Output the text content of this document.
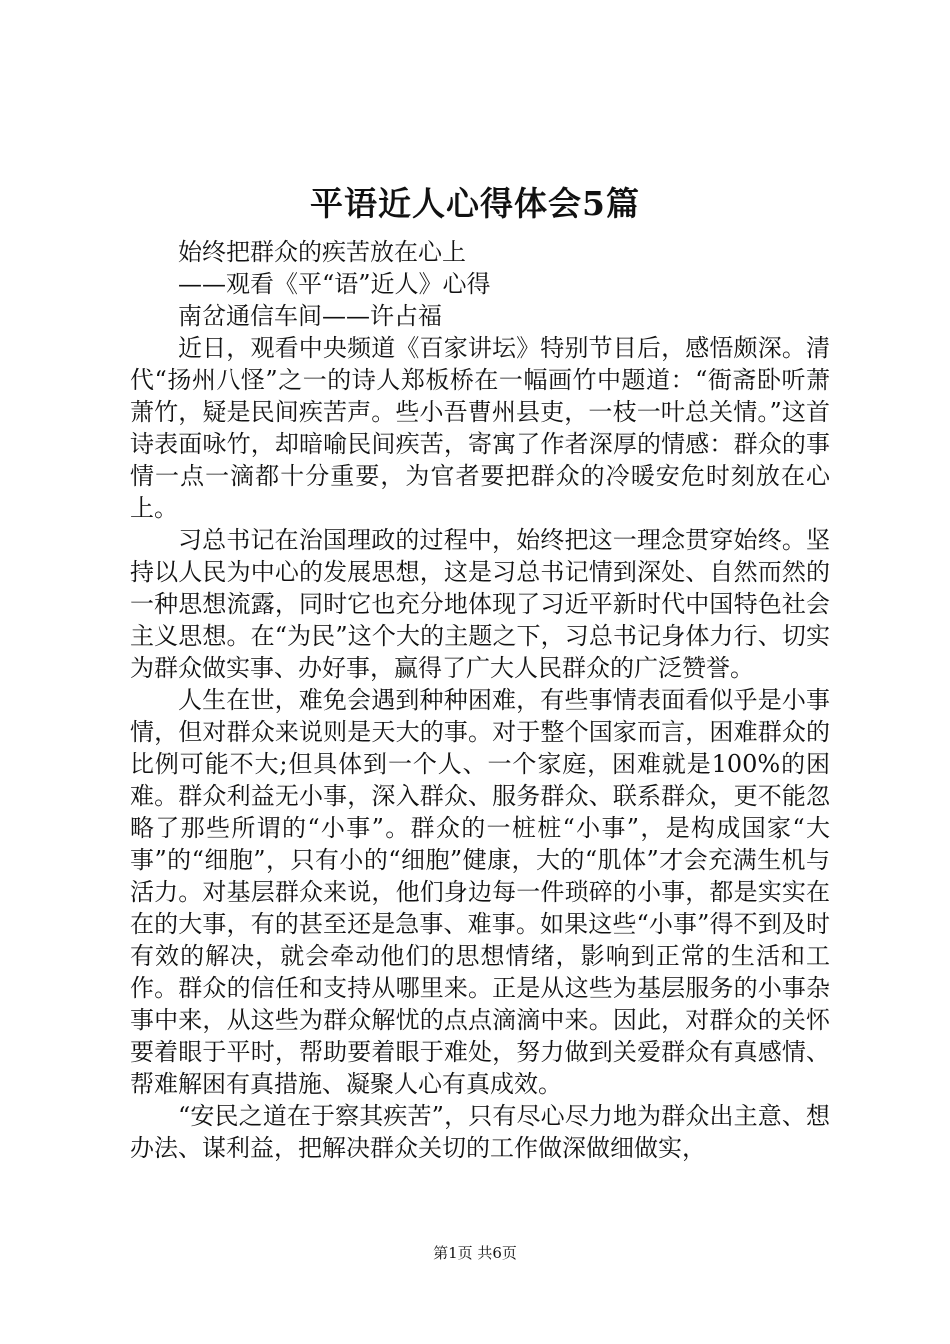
平语近人心得体会5篇

始终把群众的疾苦放在心上

——观看《平“语”近人》心得

南岔通信车间——许占福

近日，观看中央频道《百家讲坛》特别节目后，感悟颇深。清代“扬州八怪”之一的诗人郑板桥在一幅画竹中题道：“衙斋卧听萧萧竹，疑是民间疾苦声。些小吾曹州县吏，一枝一叶总关情。”这首诗表面咏竹，却暗喻民间疾苦，寄寓了作者深厚的情感：群众的事情一点一滴都十分重要，为官者要把群众的冷暖安危时刻放在心上。

习总书记在治国理政的过程中，始终把这一理念贯穿始终。坚持以人民为中心的发展思想，这是习总书记情到深处、自然而然的一种思想流露，同时它也充分地体现了习近平新时代中国特色社会主义思想。在“为民”这个大的主题之下，习总书记身体力行、切实为群众做实事、办好事，赢得了广大人民群众的广泛赞誉。

人生在世，难免会遇到种种困难，有些事情表面看似乎是小事情，但对群众来说则是天大的事。对于整个国家而言，困难群众的比例可能不大;但具体到一个人、一个家庭，困难就是100%的困难。群众利益无小事，深入群众、服务群众、联系群众，更不能忽略了那些所谓的“小事”。群众的一桩桩“小事”，是构成国家“大事”的“细胞”，只有小的“细胞”健康，大的“肌体”才会充满生机与活力。对基层群众来说，他们身边每一件琐碎的小事，都是实实在在的大事，有的甚至还是急事、难事。如果这些“小事”得不到及时有效的解决，就会牵动他们的思想情绪，影响到正常的生活和工作。群众的信任和支持从哪里来。正是从这些为基层服务的小事杂事中来，从这些为群众解忧的点点滴滴中来。因此，对群众的关怀要着眼于平时，帮助要着眼于难处，努力做到关爱群众有真感情、帮难解困有真措施、凝聚人心有真成效。

“安民之道在于察其疾苦”，只有尽心尽力地为群众出主意、想办法、谋利益，把解决群众关切的工作做深做细做实，

第1页 共6页
